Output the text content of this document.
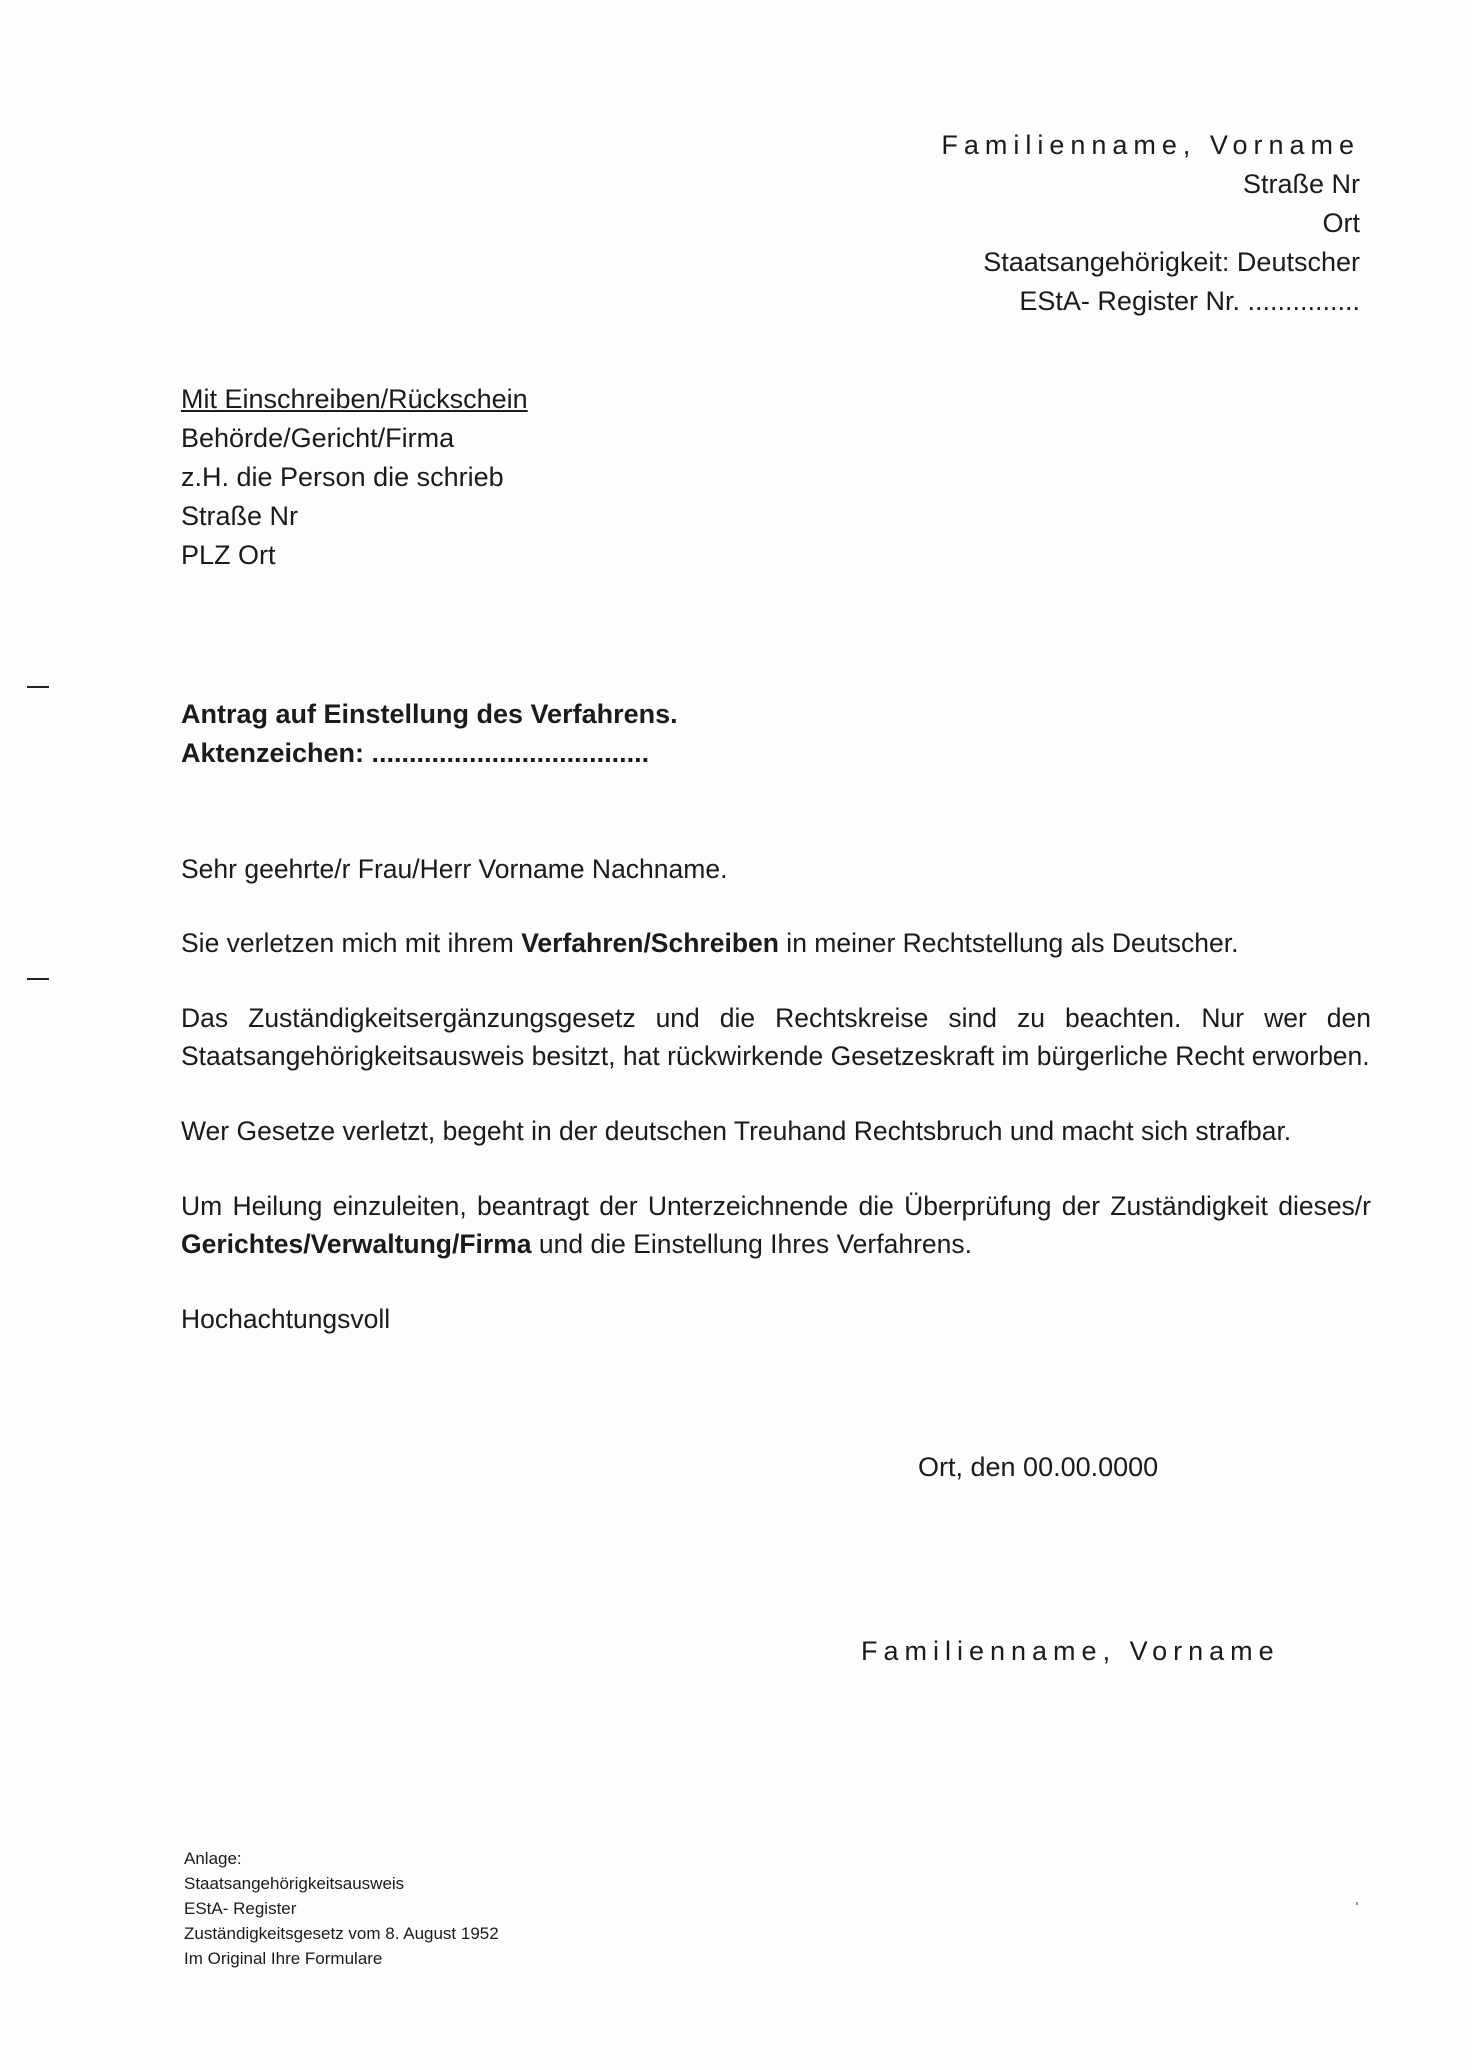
Familienname, Vorname
Straße Nr
Ort
Staatsangehörigkeit: Deutscher
EStA- Register Nr. ...............
Mit Einschreiben/Rückschein
Behörde/Gericht/Firma
z.H. die Person die schrieb
Straße Nr
PLZ Ort
Antrag auf Einstellung des Verfahrens.
Aktenzeichen: .....................................

Sehr geehrte/r Frau/Herr Vorname Nachname.

Sie verletzen mich mit ihrem Verfahren/Schreiben in meiner Rechtstellung als Deutscher.

Das Zuständigkeitsergänzungsgesetz und die Rechtskreise sind zu beachten. Nur wer den Staatsangehörigkeitsausweis besitzt, hat rückwirkende Gesetzeskraft im bürgerliche Recht erworben.

Wer Gesetze verletzt, begeht in der deutschen Treuhand Rechtsbruch und macht sich strafbar.

Um Heilung einzuleiten, beantragt der Unterzeichnende die Überprüfung der Zuständigkeit dieses/r Gerichtes/Verwaltung/Firma und die Einstellung Ihres Verfahrens.

Hochachtungsvoll

Ort, den 00.00.0000
Familienname, Vorname
Anlage:
Staatsangehörigkeitsausweis
EStA- Register
Zuständigkeitsgesetz vom 8. August 1952
Im Original Ihre Formulare
